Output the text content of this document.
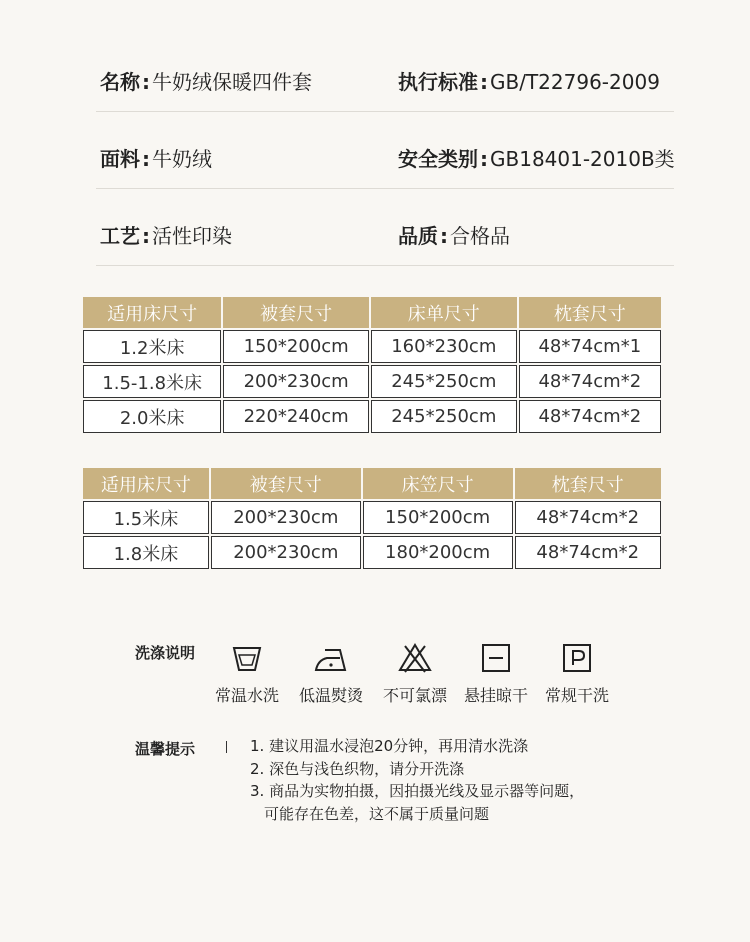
名称 : 牛奶绒保暖四件套	执行标准 : GB/T22796-2009
面料 : 牛奶绒	安全类别 : GB18401-2010B类
工艺 : 活性印染	品质 : 合格品
适用床尺寸	被套尺寸	床单尺寸	枕套尺寸
1.2米床	150*200cm	160*230cm	48*74cm*1
1.5-1.8米床	200*230cm	245*250cm	48*74cm*2
2.0米床	220*240cm	245*250cm	48*74cm*2
适用床尺寸	被套尺寸	床笠尺寸	枕套尺寸
1.5米床	200*230cm	150*200cm	48*74cm*2
1.8米床	200*230cm	180*200cm	48*74cm*2
洗涤说明
常温水洗	低温熨烫	不可氯漂	悬挂晾干	常规干洗
温馨提示	1. 建议用温水浸泡20分钟，再用清水洗涤
2. 深色与浅色织物，请分开洗涤
3. 商品为实物拍摄，因拍摄光线及显示器等问题，
可能存在色差，这不属于质量问题
